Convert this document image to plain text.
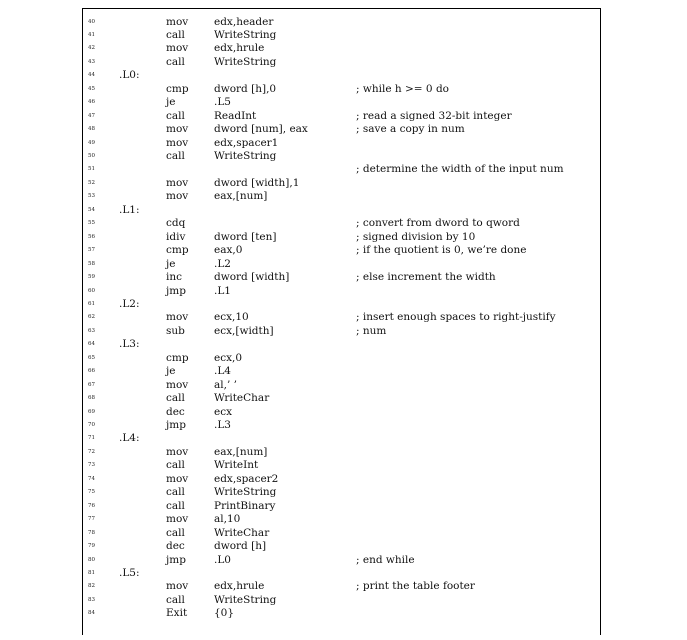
40	mov edx,header
41	call	WriteString
42	mov edx,hrule
43	call	WriteString
44	.L0:
45	cmp dword [h],0	; while h >= 0 do
46	je	.L5
47	call	ReadInt	; read a signed 32-bit integer
48	mov dword [num], eax	; save a copy in num
49	mov edx,spacer1
50	call	WriteString
51	; determine the width of the input num
52	mov dword [width],1
53	mov eax,[num]
54	.L1:
55	cdq	; convert from dword to qword
56	idiv	dword [ten]	; signed division by 10
57	cmp eax,0	; if the quotient is 0, we’re done
58	je	.L2
59	inc	dword [width]	; else increment the width
60	jmp	.L1
61	.L2:
62	mov ecx,10	; insert enough spaces to right-justify
63	sub	ecx,[width]	; num
64	.L3:
65	cmp ecx,0
66	je	.L4
67	mov al,’ ’
68	call	WriteChar
69	dec	ecx
70	jmp	.L3
71	.L4:
72	mov eax,[num]
73	call	WriteInt
74	mov edx,spacer2
75	call	WriteString
76	call	PrintBinary
77	mov al,10
78	call	WriteChar
79	dec	dword [h]
80	jmp	.L0	; end while
81	.L5:
82	mov edx,hrule	; print the table footer
83	call	WriteString
84	Exit	{0}
